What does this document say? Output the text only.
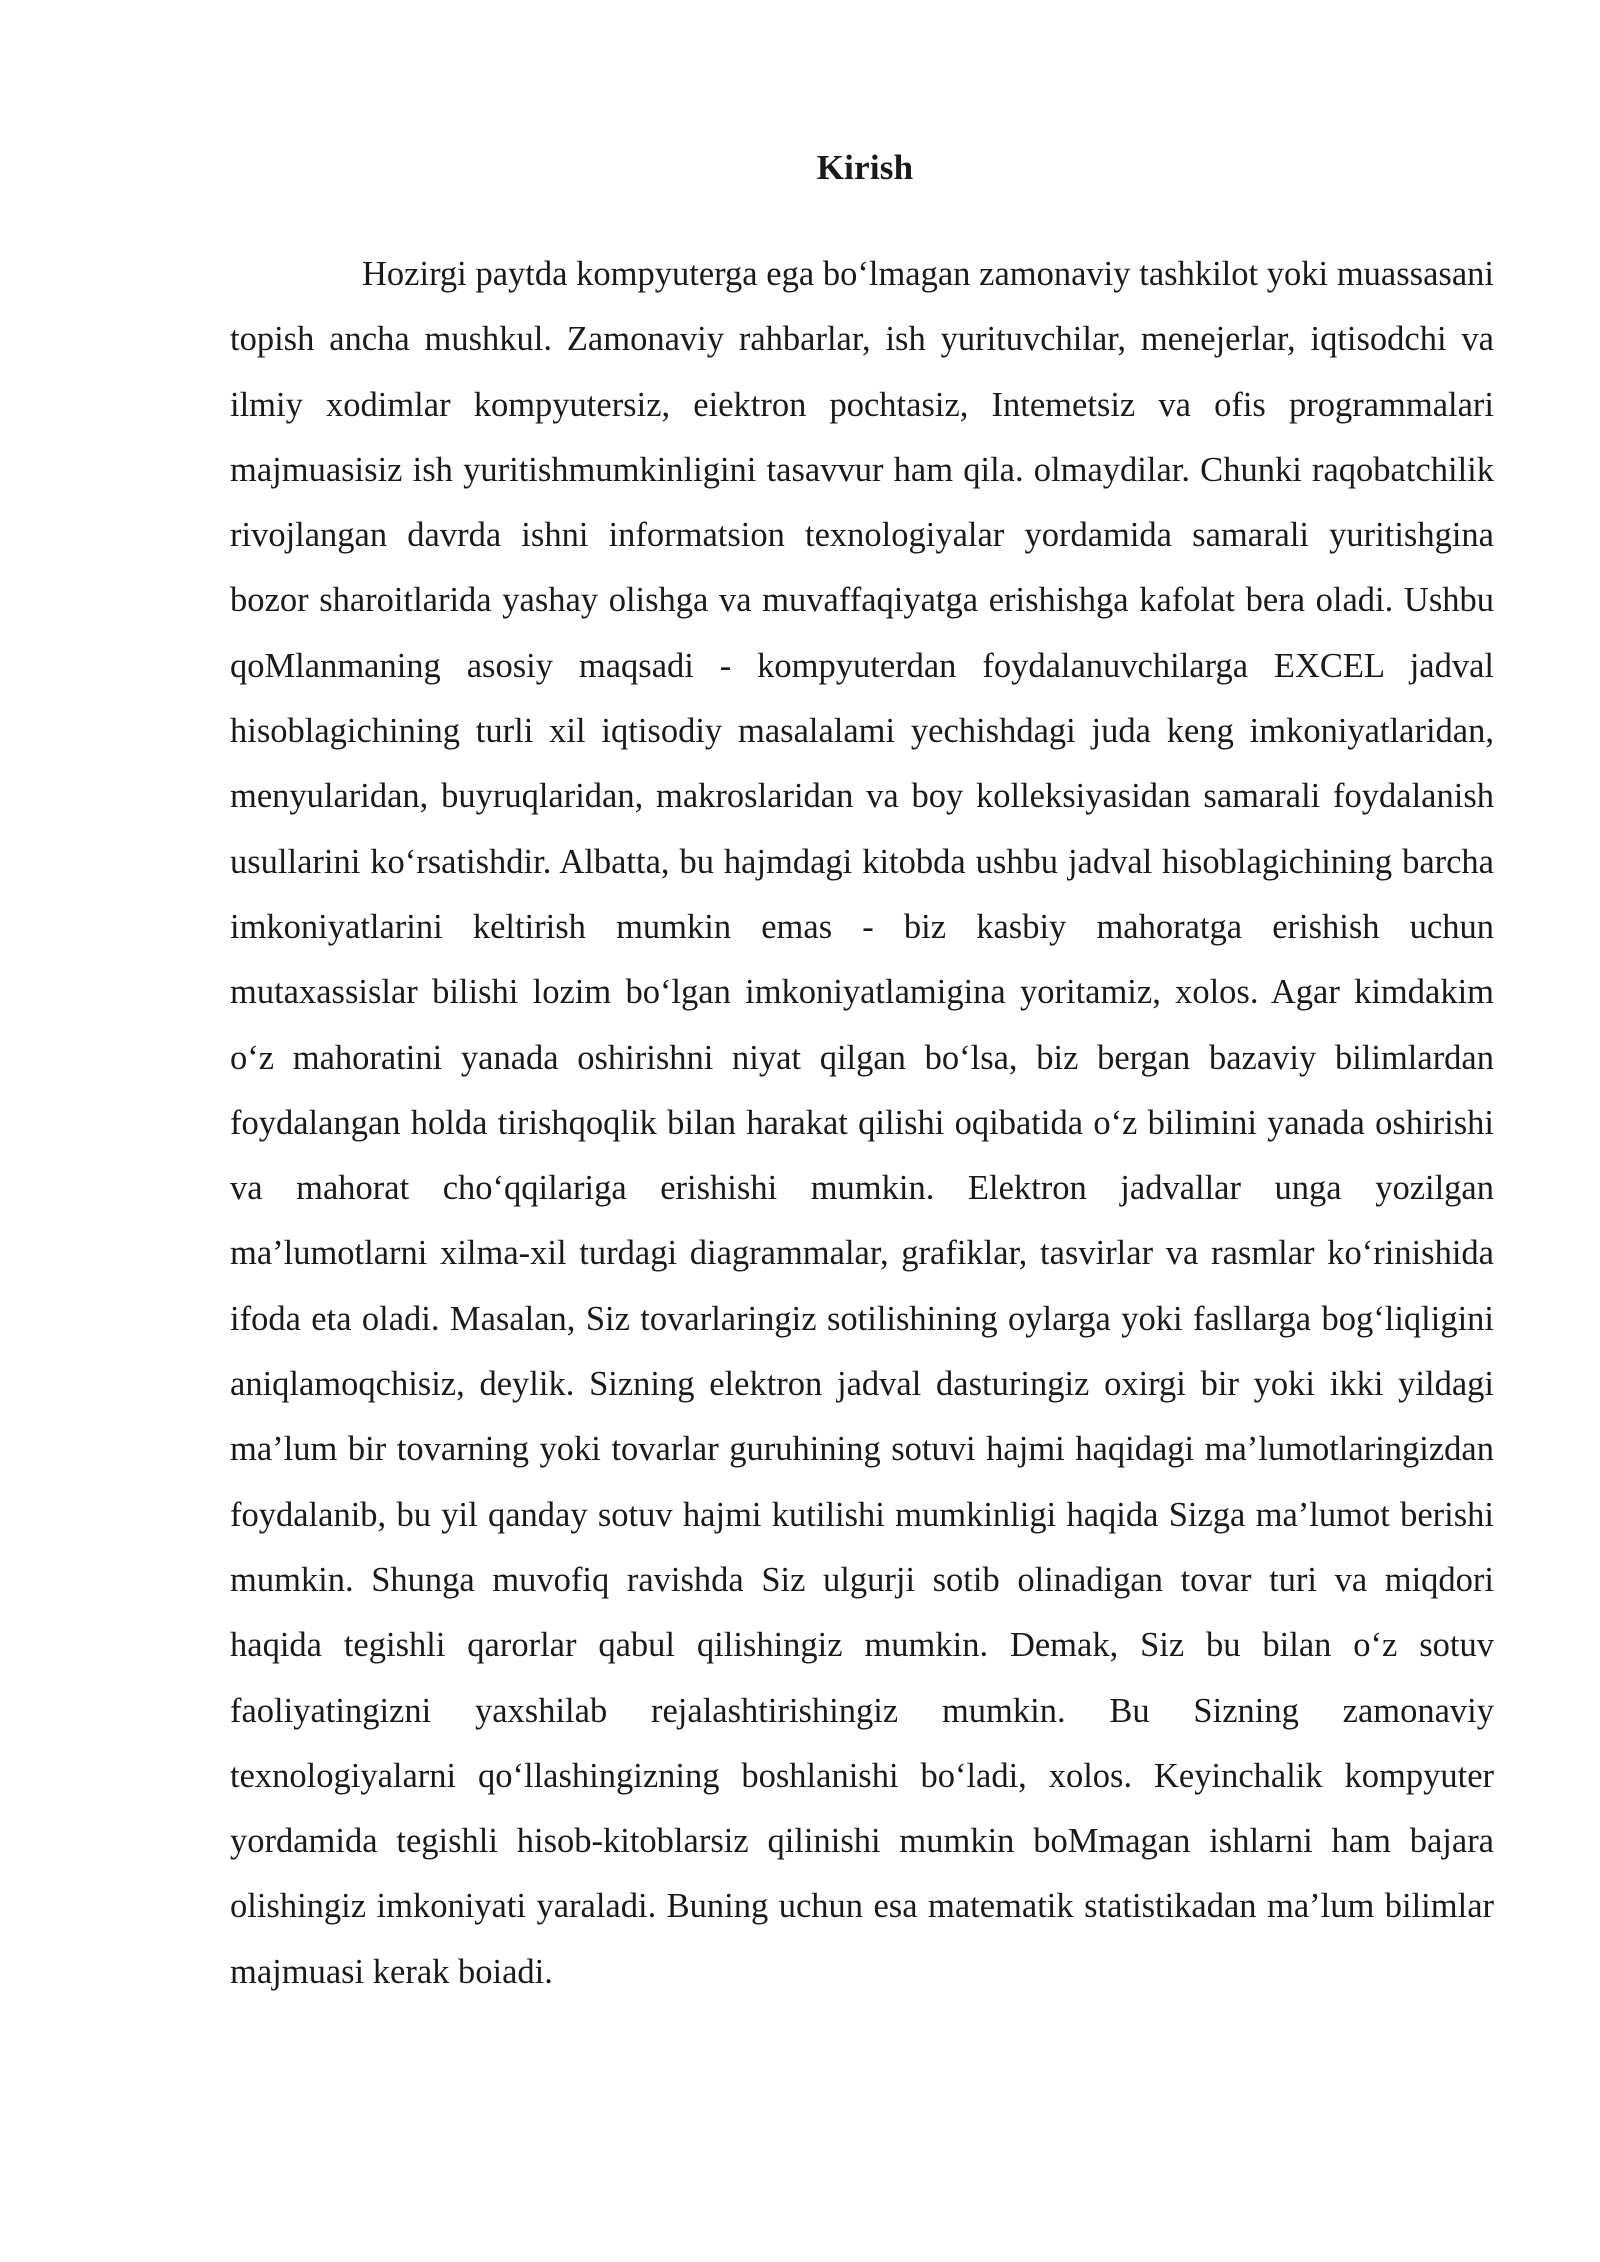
Kirish

Hozirgi paytda kompyuterga ega bo‘lmagan zamonaviy tashkilot yoki muassasani topish ancha mushkul. Zamonaviy rahbarlar, ish yurituvchilar, menejerlar, iqtisodchi va ilmiy xodimlar kompyutersiz, eiektron pochtasiz, Intemetsiz va ofis programmalari majmuasisiz ish yuritishmumkinligini tasavvur ham qila. olmaydilar. Chunki raqobatchilik rivojlangan davrda ishni informatsion texnologiyalar yordamida samarali yuritishgina bozor sharoitlarida yashay olishga va muvaffaqiyatga erishishga kafolat bera oladi. Ushbu qoMlanmaning asosiy maqsadi - kompyuterdan foydalanuvchilarga EXCEL jadval hisoblagichining turli xil iqtisodiy masalalami yechishdagi juda keng imkoniyatlaridan, menyularidan, buyruqlaridan, makroslaridan va boy kolleksiyasidan samarali foydalanish usullarini ko‘rsatishdir. Albatta, bu hajmdagi kitobda ushbu jadval hisoblagichining barcha imkoniyatlarini keltirish mumkin emas - biz kasbiy mahoratga erishish uchun mutaxassislar bilishi lozim bo‘lgan imkoniyatlamigina yoritamiz, xolos. Agar kimdakim o‘z mahoratini yanada oshirishni niyat qilgan bo‘lsa, biz bergan bazaviy bilimlardan foydalangan holda tirishqoqlik bilan harakat qilishi oqibatida o‘z bilimini yanada oshirishi va mahorat cho‘qqilariga erishishi mumkin. Elektron jadvallar unga yozilgan ma’lumotlarni xilma-xil turdagi diagrammalar, grafiklar, tasvirlar va rasmlar ko‘rinishida ifoda eta oladi. Masalan, Siz tovarlaringiz sotilishining oylarga yoki fasllarga bog‘liqligini aniqlamoqchisiz, deylik. Sizning elektron jadval dasturingiz oxirgi bir yoki ikki yildagi ma’lum bir tovarning yoki tovarlar guruhining sotuvi hajmi haqidagi ma’lumotlaringizdan foydalanib, bu yil qanday sotuv hajmi kutilishi mumkinligi haqida Sizga ma’lumot berishi mumkin. Shunga muvofiq ravishda Siz ulgurji sotib olinadigan tovar turi va miqdori haqida tegishli qarorlar qabul qilishingiz mumkin. Demak, Siz bu bilan o‘z sotuv faoliyatingizni yaxshilab rejalashtirishingiz mumkin. Bu Sizning zamonaviy texnologiyalarni qo‘llashingizning boshlanishi bo‘ladi, xolos. Keyinchalik kompyuter yordamida tegishli hisob-kitoblarsiz qilinishi mumkin boMmagan ishlarni ham bajara olishingiz imkoniyati yaraladi. Buning uchun esa matematik statistikadan ma’lum bilimlar majmuasi kerak boiadi.
